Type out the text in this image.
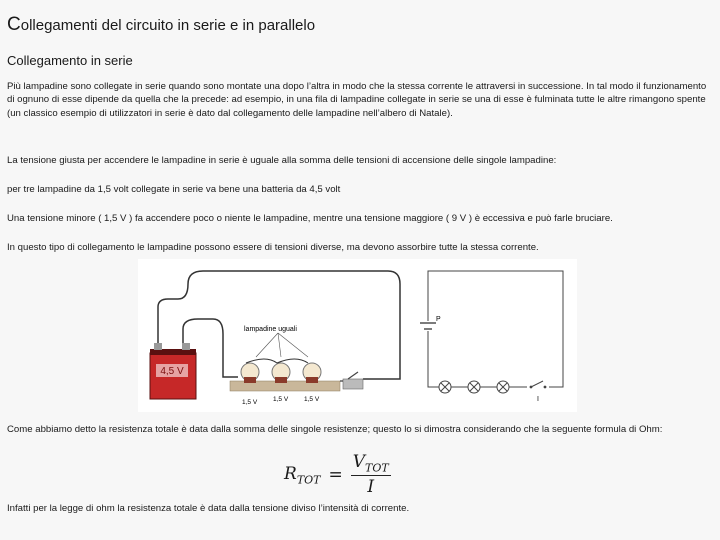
Collegamenti del circuito in serie e in parallelo
Collegamento in serie
Più lampadine sono collegate in serie quando sono montate una dopo l’altra in modo che la stessa corrente le attraversi in successione. In tal modo il funzionamento di ognuno di esse dipende da quella che la precede: ad esempio, in una fila di lampadine collegate in serie se una di esse è fulminata tutte le altre rimangono spente (un classico esempio di utilizzatori in serie è dato dal collegamento delle lampadine nell’albero di Natale).
La tensione giusta per accendere le lampadine in serie è uguale alla somma delle tensioni di accensione delle singole lampadine:
per tre lampadine da 1,5 volt collegate in serie va bene una batteria da 4,5 volt
Una tensione minore ( 1,5 V ) fa accendere poco o niente le lampadine, mentre una tensione maggiore ( 9 V ) è eccessiva e può farle bruciare.
In questo tipo di collegamento le lampadine possono essere di tensioni diverse, ma devono assorbire tutte la stessa corrente.
4,5 V
lampadine uguali
1,5 V 1,5 V 1,5 V
P
I
Come abbiamo detto la resistenza totale è data dalla somma delle singole resistenze; questo lo si dimostra considerando che la seguente formula di Ohm:
$R_{TOT} = \frac{V_{TOT}}{I}$
Infatti per la legge di ohm la resistenza totale è data dalla tensione diviso l’intensità di corrente.
